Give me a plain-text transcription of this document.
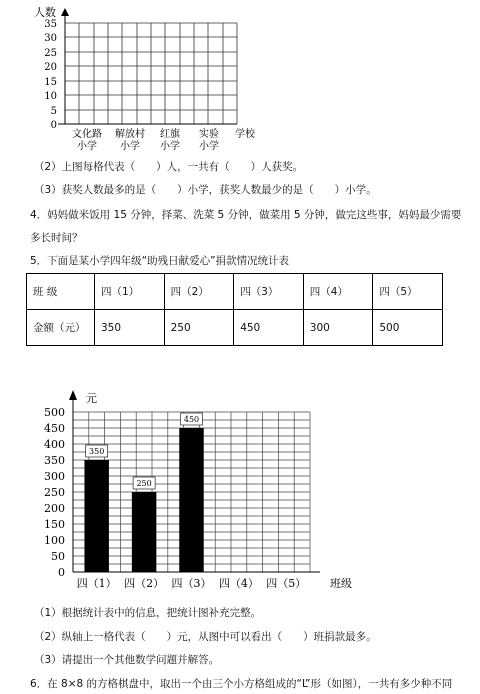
人数
35
30
25
20
15
10
5
0
文化路
小学
解放村
小学
红旗
小学
实验
小学
学校
（2）上图每格代表（　　）人，一共有（　　）人获奖。
（3）获奖人数最多的是（　　）小学，获奖人数最少的是（　　）小学。
4．妈妈做米饭用 15 分钟，择菜、洗菜 5 分钟，做菜用 5 分钟，做完这些事，妈妈最少需要
多长时间？
5．下面是某小学四年级“助残日献爱心”捐款情况统计表
班 级	四（1）	四（2）	四（3）	四（4）	四（5）
金额（元）	350	250	450	300	500
元
500
450
400
350
300
250
200
150
100
50
0
350
250
450
四（1） 四（2） 四（3） 四（4） 四（5） 班级
（1）根据统计表中的信息，把统计图补充完整。
（2）纵轴上一格代表（　　）元，从图中可以看出（　　）班捐款最多。
（3）请提出一个其他数学问题并解答。
6．在 8×8 的方格棋盘中，取出一个由三个小方格组成的“L”形（如图），一共有多少种不同
